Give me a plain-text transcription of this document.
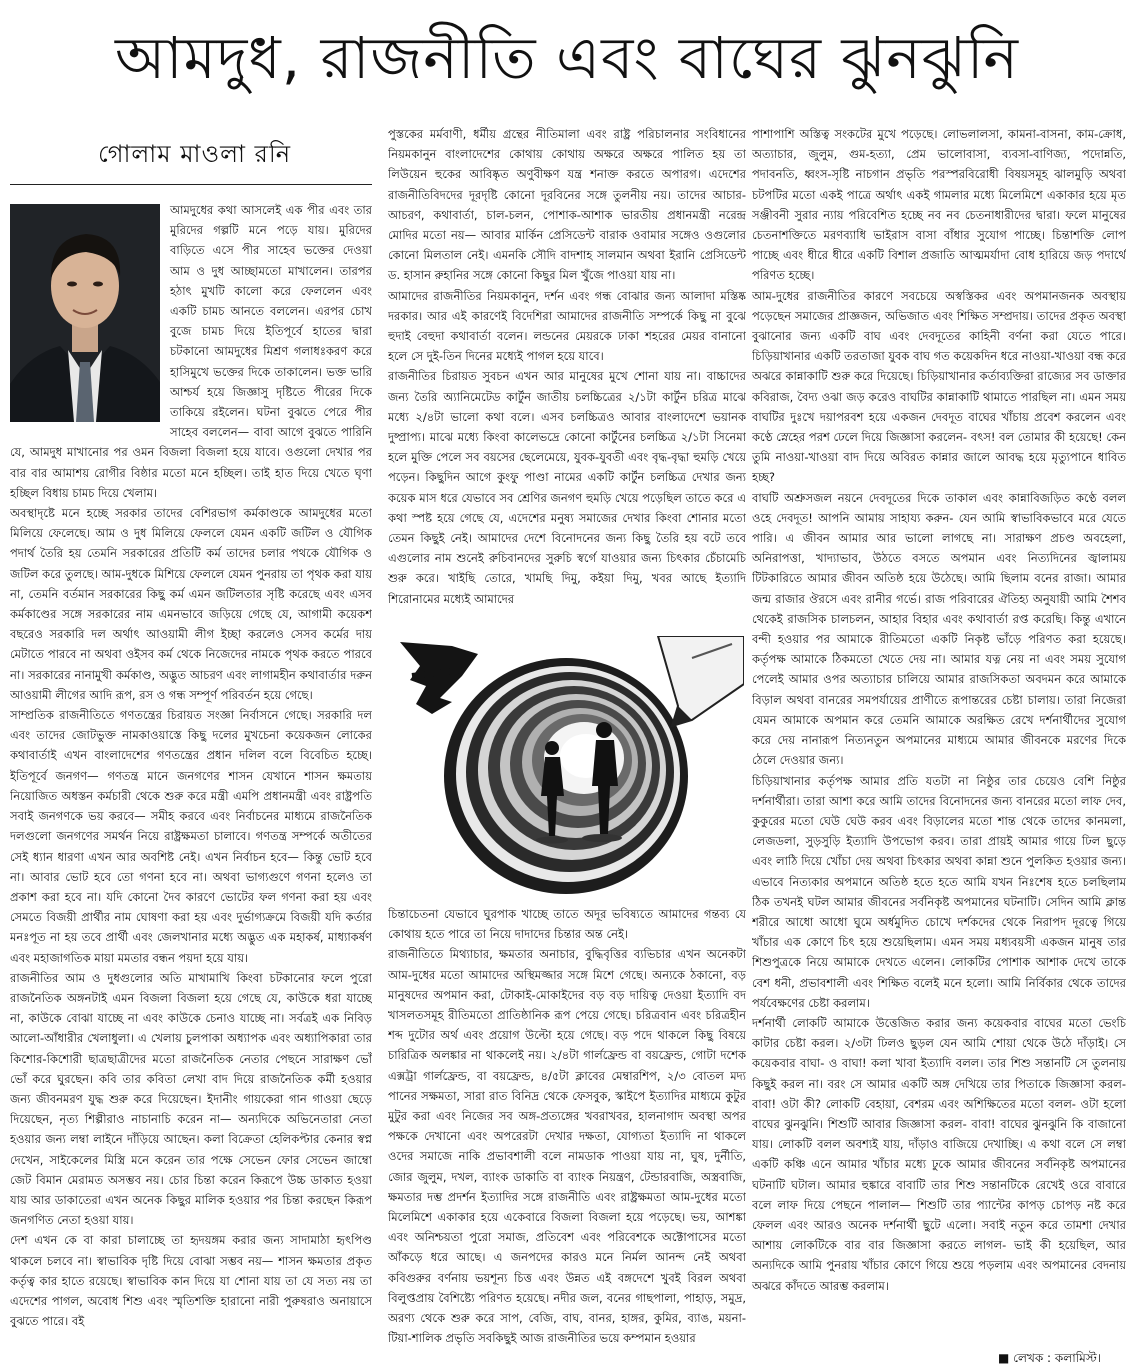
আমদুধ, রাজনীতি এবং বাঘের ঝুনঝুনি
গোলাম মাওলা রনি

আমদুধের কথা আসলেই এক পীর এবং তার মুরিদের গল্পটি মনে পড়ে যায়। মুরিদের বাড়িতে এসে পীর সাহেব ভক্তের দেওয়া আম ও দুধ আচ্ছামতো মাখালেন। তারপর হঠাৎ মুখটি কালো করে ফেললেন এবং একটি চামচ আনতে বললেন। এরপর চোখ বুজে চামচ দিয়ে ইতিপূর্বে হাতের দ্বারা চটকানো আমদুধের মিশ্রণ গলাধঃকরণ করে হাসিমুখে ভক্তের দিকে তাকালেন। ভক্ত ভারি আশ্চর্য হয়ে জিজ্ঞাসু দৃষ্টিতে পীরের দিকে তাকিয়ে রইলেন। ঘটনা বুঝতে পেরে পীর সাহেব বললেন— বাবা আগে বুঝতে পারিনি যে, আমদুধ মাখানোর পর ওমন বিজলা বিজলা হয়ে যাবে। ওগুলো দেখার পর বার বার আমাশয় রোগীর বিষ্ঠার মতো মনে হচ্ছিল। তাই হাত দিয়ে খেতে ঘৃণা হচ্ছিল বিধায় চামচ দিয়ে খেলাম।

অবস্থাদৃষ্টে মনে হচ্ছে সরকার তাদের বেশিরভাগ কর্মকাণ্ডকে আমদুধের মতো মিলিয়ে ফেলেছে। আম ও দুধ মিলিয়ে ফেললে যেমন একটি জটিল ও যৌগিক পদার্থ তৈরি হয় তেমনি সরকারের প্রতিটি কর্ম তাদের চলার পথকে যৌগিক ও জটিল করে তুলছে। আম-দুধকে মিশিয়ে ফেললে যেমন পুনরায় তা পৃথক করা যায় না, তেমনি বর্তমান সরকারের কিছু কর্ম এমন জটিলতার সৃষ্টি করেছে এবং এসব কর্মকাণ্ডের সঙ্গে সরকারের নাম এমনভাবে জড়িয়ে গেছে যে, আগামী কয়েকশ বছরেও সরকারি দল অর্থাৎ আওয়ামী লীগ ইচ্ছা করলেও সেসব কর্মের দায় মেটাতে পারবে না অথবা ওইসব কর্ম থেকে নিজেদের নামকে পৃথক করতে পারবে না। সরকারের নানামুখী কর্মকাণ্ড, অদ্ভুত আচরণ এবং লাগামহীন কথাবার্তার দরুন আওয়ামী লীগের আদি রূপ, রস ও গন্ধ সম্পূর্ণ পরিবর্তন হয়ে গেছে।

সাম্প্রতিক রাজনীতিতে গণতন্ত্রের চিরায়ত সংজ্ঞা নির্বাসনে গেছে। সরকারি দল এবং তাদের জোটভুক্ত নামকাওয়াস্তে কিছু দলের মুখচেনা কয়েকজন লোকের কথাবার্তাই এখন বাংলাদেশের গণতন্ত্রের প্রধান দলিল বলে বিবেচিত হচ্ছে। ইতিপূর্বে জনগণ— গণতন্ত্র মানে জনগণের শাসন যেখানে শাসন ক্ষমতায় নিয়োজিত অধস্তন কর্মচারী থেকে শুরু করে মন্ত্রী এমপি প্রধানমন্ত্রী এবং রাষ্ট্রপতি সবাই জনগণকে ভয় করবে— সমীহ করবে এবং নির্বাচনের মাধ্যমে রাজনৈতিক দলগুলো জনগণের সমর্থন নিয়ে রাষ্ট্রক্ষমতা চালাবে। গণতন্ত্র সম্পর্কে অতীতের সেই ধ্যান ধারণা এখন আর অবশিষ্ট নেই। এখন নির্বাচন হবে— কিন্তু ভোট হবে না। আবার ভোট হবে তো গণনা হবে না। অথবা ভাগ্যগুণে গণনা হলেও তা প্রকাশ করা হবে না। যদি কোনো দৈব কারণে ভোটের ফল গণনা করা হয় এবং সেমতে বিজয়ী প্রার্থীর নাম ঘোষণা করা হয় এবং দুর্ভাগ্যক্রমে বিজয়ী যদি কর্তার মনঃপূত না হয় তবে প্রার্থী এবং জেলখানার মধ্যে অদ্ভুত এক মহাকর্ষ, মাধ্যাকর্ষণ এবং মহাজাগতিক মায়া মমতার বন্ধন পয়দা হয়ে যায়।

রাজনীতির আম ও দুধগুলোর অতি মাখামাখি কিংবা চটকানোর ফলে পুরো রাজনৈতিক অঙ্গনটাই এমন বিজলা বিজলা হয়ে গেছে যে, কাউকে ধরা যাচ্ছে না, কাউকে বোঝা যাচ্ছে না এবং কাউকে চেনাও যাচ্ছে না। সর্বত্রই এক নিবিড় আলো-আঁধারীর খেলাধুলা। এ খেলায় চুলপাকা অধ্যাপক এবং অধ্যাপিকারা তার কিশোর-কিশোরী ছাত্রছাত্রীদের মতো রাজনৈতিক নেতার পেছনে সারাক্ষণ ভোঁ ভোঁ করে ঘুরছেন। কবি তার কবিতা লেখা বাদ দিয়ে রাজনৈতিক কর্মী হওয়ার জন্য জীবনমরণ যুদ্ধ শুরু করে দিয়েছেন। ইদানীং গায়কেরা গান গাওয়া ছেড়ে দিয়েছেন, নৃত্য শিল্পীরাও নাচানাচি করেন না— অন্যদিকে অভিনেতারা নেতা হওয়ার জন্য লম্বা লাইনে দাঁড়িয়ে আছেন। কলা বিক্রেতা হেলিকপ্টার কেনার স্বপ্ন দেখেন, সাইকেলের মিস্ত্রি মনে করেন তার পক্ষে সেভেন ফোর সেভেন জাম্বো জেট বিমান মেরামত অসম্ভব নয়। চোর চিন্তা করেন কিরূপে উচ্চ ডাকাত হওয়া যায় আর ডাকাতেরা এখন অনেক কিছুর মালিক হওয়ার পর চিন্তা করছেন কিরূপ জনগণিত নেতা হওয়া যায়।

দেশ এখন কে বা কারা চালাচ্ছে তা হৃদয়ঙ্গম করার জন্য সাদামাঠা হৃৎপিণ্ড থাকলে চলবে না। স্বাভাবিক দৃষ্টি দিয়ে বোঝা সম্ভব নয়— শাসন ক্ষমতার প্রকৃত কর্তৃত্ব কার হাতে রয়েছে। স্বাভাবিক কান দিয়ে যা শোনা যায় তা যে সত্য নয় তা এদেশের পাগল, অবোধ শিশু এবং স্মৃতিশক্তি হারানো নারী পুরুষরাও অনায়াসে বুঝতে পারে। বই

পুস্তকের মর্মবাণী, ধর্মীয় গ্রন্থের নীতিমালা এবং রাষ্ট্র পরিচালনার সংবিধানের নিয়মকানুন বাংলাদেশের কোথায় কোথায় অক্ষরে অক্ষরে পালিত হয় তা লিউয়েন হুকের আবিষ্কৃত অণুবীক্ষণ যন্ত্র শনাক্ত করতে অপারগ। এদেশের রাজনীতিবিদদের দূরদৃষ্টি কোনো দূরবিনের সঙ্গে তুলনীয় নয়। তাদের আচার-আচরণ, কথাবার্তা, চাল-চলন, পোশাক-আশাক ভারতীয় প্রধানমন্ত্রী নরেন্দ্র মোদির মতো নয়— আবার মার্কিন প্রেসিডেন্ট বারাক ওবামার সঙ্গেও ওগুলোর কোনো মিলতাল নেই। এমনকি সৌদি বাদশাহ সালমান অথবা ইরানি প্রেসিডেন্ট ড. হাসান রুহানির সঙ্গে কোনো কিছুর মিল খুঁজে পাওয়া যায় না।

আমাদের রাজনীতির নিয়মকানুন, দর্শন এবং গন্ধ বোঝার জন্য আলাদা মস্তিষ্ক দরকার। আর এই কারণেই বিদেশিরা আমাদের রাজনীতি সম্পর্কে কিছু না বুঝে হুদাই বেহুদা কথাবার্তা বলেন। লন্ডনের মেয়রকে ঢাকা শহরের মেয়র বানানো হলে সে দুই-তিন দিনের মধ্যেই পাগল হয়ে যাবে।

রাজনীতির চিরায়ত সুবচন এখন আর মানুষের মুখে শোনা যায় না। বাচ্চাদের জন্য তৈরি অ্যানিমেটেড কার্টুন জাতীয় চলচ্চিত্রের ২/১টা কার্টুন চরিত্র মাঝে মধ্যে ২/৪টা ভালো কথা বলে। এসব চলচ্চিত্রও আবার বাংলাদেশে ভয়ানক দুষ্প্রাপ্য। মাঝে মধ্যে কিংবা কালেভদ্রে কোনো কার্টুনের চলচ্চিত্র ২/১টা সিনেমা হলে মুক্তি পেলে সব বয়সের ছেলেমেয়ে, যুবক-যুবতী এবং বৃদ্ধ-বৃদ্ধা হুমড়ি খেয়ে পড়েন। কিছুদিন আগে কুংফু পাণ্ডা নামের একটি কার্টুন চলচ্চিত্র দেখার জন্য কয়েক মাস ধরে যেভাবে সব শ্রেণির জনগণ হুমড়ি খেয়ে পড়েছিল তাতে করে এ কথা স্পষ্ট হয়ে গেছে যে, এদেশের মনুষ্য সমাজের দেখার কিংবা শোনার মতো তেমন কিছুই নেই। আমাদের দেশে বিনোদনের জন্য কিছু তৈরি হয় বটে তবে এগুলোর নাম শুনেই রুচিবানদের সুরুচি স্বর্গে যাওয়ার জন্য চিৎকার চেঁচামেচি শুরু করে। খাইছি তোরে, খামছি দিমু, কইয়া দিমু, খবর আছে ইত্যাদি শিরোনামের মধ্যেই আমাদের

চিন্তাচেতনা যেভাবে ঘুরপাক খাচ্ছে তাতে অদূর ভবিষ্যতে আমাদের গন্তব্য যে কোথায় হতে পারে তা নিয়ে দাদাদের চিন্তার অন্ত নেই।

রাজনীতিতে মিথ্যাচার, ক্ষমতার অনাচার, বুদ্ধিবৃত্তির ব্যভিচার এখন অনেকটা আম-দুধের মতো আমাদের অস্থিমজ্জার সঙ্গে মিশে গেছে। অন্যকে ঠকানো, বড় মানুষদের অপমান করা, টোকাই-মোকাইদের বড় বড় দায়িত্ব দেওয়া ইত্যাদি বদ খাসলতসমূহ রীতিমতো প্রাতিষ্ঠানিক রূপ পেয়ে গেছে। চরিত্রবান এবং চরিত্রহীন শব্দ দুটোর অর্থ এবং প্রয়োগ উল্টো হয়ে গেছে। বড় পদে থাকলে কিছু বিষয়ে চারিত্রিক অলঙ্কার না থাকলেই নয়। ২/৪টা গার্লফ্রেন্ড বা বয়ফ্রেন্ড, গোটা দশেক এক্সট্রা গার্লফ্রেন্ড, বা বয়ফ্রেন্ড, ৪/৫টা ক্লাবের মেম্বারশিপ, ২/৩ বোতল মদ্য পানের সক্ষমতা, সারা রাত বিনিদ্র থেকে ফেসবুক, স্কাইপে ইত্যাদির মাধ্যমে কুটুর মুটুর করা এবং নিজের সব অঙ্গ-প্রত্যঙ্গের খবরাখবর, হালনাগাদ অবস্থা অপর পক্ষকে দেখানো এবং অপরেরটা দেখার দক্ষতা, যোগ্যতা ইত্যাদি না থাকলে ওদের সমাজে নাকি প্রভাবশালী বলে নামডাক পাওয়া যায় না, ঘুষ, দুর্নীতি, জোর জুলুম, দখল, ব্যাংক ডাকাতি বা ব্যাংক নিয়ন্ত্রণ, টেন্ডারবাজি, অস্ত্রবাজি, ক্ষমতার দম্ভ প্রদর্শন ইত্যাদির সঙ্গে রাজনীতি এবং রাষ্ট্রক্ষমতা আম-দুধের মতো মিলেমিশে একাকার হয়ে একেবারে বিজলা বিজলা হয়ে পড়েছে। ভয়, আশঙ্কা এবং অনিশ্চয়তা পুরো সমাজ, প্রতিবেশ এবং পরিবেশকে অক্টোপাসের মতো আঁকড়ে ধরে আছে। এ জনপদের কারও মনে নির্মল আনন্দ নেই অথবা কবিগুরুর বর্ণনায় ভয়শূন্য চিত্ত এবং উন্নত এই বঙ্গদেশে খুবই বিরল অথবা বিলুপ্তপ্রায় বৈশিষ্ট্যে পরিণত হয়েছে। নদীর জল, বনের গাছপালা, পাহাড়, সমুদ্র, অরণ্য থেকে শুরু করে সাপ, বেজি, বাঘ, বানর, হাঙ্গর, কুমির, ব্যাঙ, ময়না-টিয়া-শালিক প্রভৃতি সবকিছুই আজ রাজনীতির ভয়ে কম্পমান হওয়ার

পাশাপাশি অস্তিত্ব সংকটের মুখে পড়েছে। লোভলালসা, কামনা-বাসনা, কাম-ক্রোধ, অত্যাচার, জুলুম, গুম-হত্যা, প্রেম ভালোবাসা, ব্যবসা-বাণিজ্য, পদোন্নতি, পদাবনতি, ধ্বংস-সৃষ্টি নাচগান প্রভৃতি পরস্পরবিরোধী বিষয়সমূহ ঝালমুড়ি অথবা চটপটির মতো একই পাত্রে অর্থাৎ একই গামলার মধ্যে মিলেমিশে একাকার হয়ে মৃত সঞ্জীবনী সুরার ন্যায় পরিবেশিত হচ্ছে নব নব চেতনাধারীদের দ্বারা। ফলে মানুষের চেতনাশক্তিতে মরণব্যাধি ভাইরাস বাসা বাঁধার সুযোগ পাচ্ছে। চিন্তাশক্তি লোপ পাচ্ছে এবং ধীরে ধীরে একটি বিশাল প্রজাতি আত্মমর্যাদা বোধ হারিয়ে জড় পদার্থে পরিণত হচ্ছে।

আম-দুধের রাজনীতির কারণে সবচেয়ে অস্বস্তিকর এবং অপমানজনক অবস্থায় পড়েছেন সমাজের প্রাজ্ঞজন, অভিজাত এবং শিক্ষিত সম্প্রদায়। তাদের প্রকৃত অবস্থা বুঝানোর জন্য একটি বাঘ এবং দেবদূতের কাহিনী বর্ণনা করা যেতে পারে। চিড়িয়াখানার একটি তরতাজা যুবক বাঘ গত কয়েকদিন ধরে নাওয়া-খাওয়া বন্ধ করে অঝরে কান্নাকাটি শুরু করে দিয়েছে। চিড়িয়াখানার কর্তাব্যক্তিরা রাজ্যের সব ডাক্তার কবিরাজ, বৈদ্য ওঝা জড় করেও বাঘটির কান্নাকাটি থামাতে পারছিল না। এমন সময় বাঘটির দুঃখে দয়াপরবশ হয়ে একজন দেবদূত বাঘের খাঁচায় প্রবেশ করলেন এবং কণ্ঠে স্নেহের পরশ ঢেলে দিয়ে জিজ্ঞাসা করলেন- বৎস! বল তোমার কী হয়েছে! কেন তুমি নাওয়া-খাওয়া বাদ দিয়ে অবিরত কান্নার জালে আবদ্ধ হয়ে মৃত্যুপানে ধাবিত হচ্ছ?

বাঘটি অশ্রুসজল নয়নে দেবদূতের দিকে তাকাল এবং কান্নাবিজড়িত কণ্ঠে বলল ওহে দেবদূত! আপনি আমায় সাহায্য করুন- যেন আমি স্বাভাবিকভাবে মরে যেতে পারি। এ জীবন আমার আর ভালো লাগছে না। সারাক্ষণ প্রচণ্ড অবহেলা, অনিরাপত্তা, খাদ্যাভাব, উঠতে বসতে অপমান এবং নিত্যদিনের জ্বালাময় টিটকারিতে আমার জীবন অতিষ্ঠ হয়ে উঠেছে। আমি ছিলাম বনের রাজা। আমার জন্ম রাজার ঔরসে এবং রানীর গর্ভে। রাজ পরিবারের ঐতিহ্য অনুযায়ী আমি শৈশব থেকেই রাজসিক চালচলন, আহার বিহার এবং কথাবার্তা রপ্ত করেছি। কিন্তু এখানে বন্দী হওয়ার পর আমাকে রীতিমতো একটি নিকৃষ্ট ভাঁড়ে পরিণত করা হয়েছে। কর্তৃপক্ষ আমাকে ঠিকমতো খেতে দেয় না। আমার যত্ন নেয় না এবং সময় সুযোগ পেলেই আমার ওপর অত্যাচার চালিয়ে আমার রাজসিকতা অবদমন করে আমাকে বিড়াল অথবা বানরের সমপর্যায়ের প্রাণীতে রূপান্তরের চেষ্টা চালায়। তারা নিজেরা যেমন আমাকে অপমান করে তেমনি আমাকে অরক্ষিত রেখে দর্শনার্থীদের সুযোগ করে দেয় নানারূপ নিত্যনতুন অপমানের মাধ্যমে আমার জীবনকে মরণের দিকে ঠেলে দেওয়ার জন্য।

চিড়িয়াখানার কর্তৃপক্ষ আমার প্রতি যতটা না নিষ্ঠুর তার চেয়েও বেশি নিষ্ঠুর দর্শনার্থীরা। তারা আশা করে আমি তাদের বিনোদনের জন্য বানরের মতো লাফ দেব, কুকুরের মতো ঘেউ ঘেউ করব এবং বিড়ালের মতো শান্ত থেকে তাদের কানমলা, লেজডলা, সুড়সুড়ি ইত্যাদি উপভোগ করব। তারা প্রায়ই আমার গায়ে ঢিল ছুড়ে এবং লাঠি দিয়ে খোঁচা দেয় অথবা চিৎকার অথবা কান্না শুনে পুলকিত হওয়ার জন্য। এভাবে নিত্যকার অপমানে অতিষ্ঠ হতে হতে আমি যখন নিঃশেষ হতে চলছিলাম ঠিক তখনই ঘটল আমার জীবনের সর্বনিকৃষ্ট অপমানের ঘটনাটি। সেদিন আমি ক্লান্ত শরীরে আধো আধো ঘুমে অর্ধমুদিত চোখে দর্শকদের থেকে নিরাপদ দূরত্বে গিয়ে খাঁচার এক কোণে চিৎ হয়ে শুয়েছিলাম। এমন সময় মধ্যবয়সী একজন মানুষ তার শিশুপুত্রকে নিয়ে আমাকে দেখতে এলেন। লোকটির পোশাক আশাক দেখে তাকে বেশ ধনী, প্রভাবশালী এবং শিক্ষিত বলেই মনে হলো। আমি নির্বিকার থেকে তাদের পর্যবেক্ষণের চেষ্টা করলাম।

দর্শনার্থী লোকটি আমাকে উত্তেজিত করার জন্য কয়েকবার বাঘের মতো ভেংচি কাটার চেষ্টা করল। ২/৩টা ঢিলও ছুড়ল যেন আমি শোয়া থেকে উঠে দাঁড়াই। সে কয়েকবার বাঘা- ও বাঘা! কলা খাবা ইত্যাদি বলল। তার শিশু সন্তানটি সে তুলনায় কিছুই করল না। বরং সে আমার একটি অঙ্গ দেখিয়ে তার পিতাকে জিজ্ঞাসা করল- বাবা! ওটা কী? লোকটি বেহায়া, বেশরম এবং অশিক্ষিতের মতো বলল- ওটা হলো বাঘের ঝুনঝুনি। শিশুটি আবার জিজ্ঞাসা করল- বাবা! বাঘের ঝুনঝুনি কি বাজানো যায়। লোকটি বলল অবশ্যই যায়, দাঁড়াও বাজিয়ে দেখাচ্ছি। এ কথা বলে সে লম্বা একটি কঞ্চি এনে আমার খাঁচার মধ্যে ঢুকে আমার জীবনের সর্বনিকৃষ্ট অপমানের ঘটনাটি ঘটাল। আমার হুঙ্কারে বাবাটি তার শিশু সন্তানটিকে রেখেই ওরে বাবারে বলে লাফ দিয়ে পেছনে পালাল— শিশুটি তার প্যান্টের কাপড় চোপড় নষ্ট করে ফেলল এবং আরও অনেক দর্শনার্থী ছুটে এলো। সবাই নতুন করে তামশা দেখার আশায় লোকটিকে বার বার জিজ্ঞাসা করতে লাগল- ভাই কী হয়েছিল, আর অন্যদিকে আমি পুনরায় খাঁচার কোণে গিয়ে শুয়ে পড়লাম এবং অপমানের বেদনায় অঝরে কাঁদতে আরম্ভ করলাম।

■ লেখক : কলামিস্ট।
